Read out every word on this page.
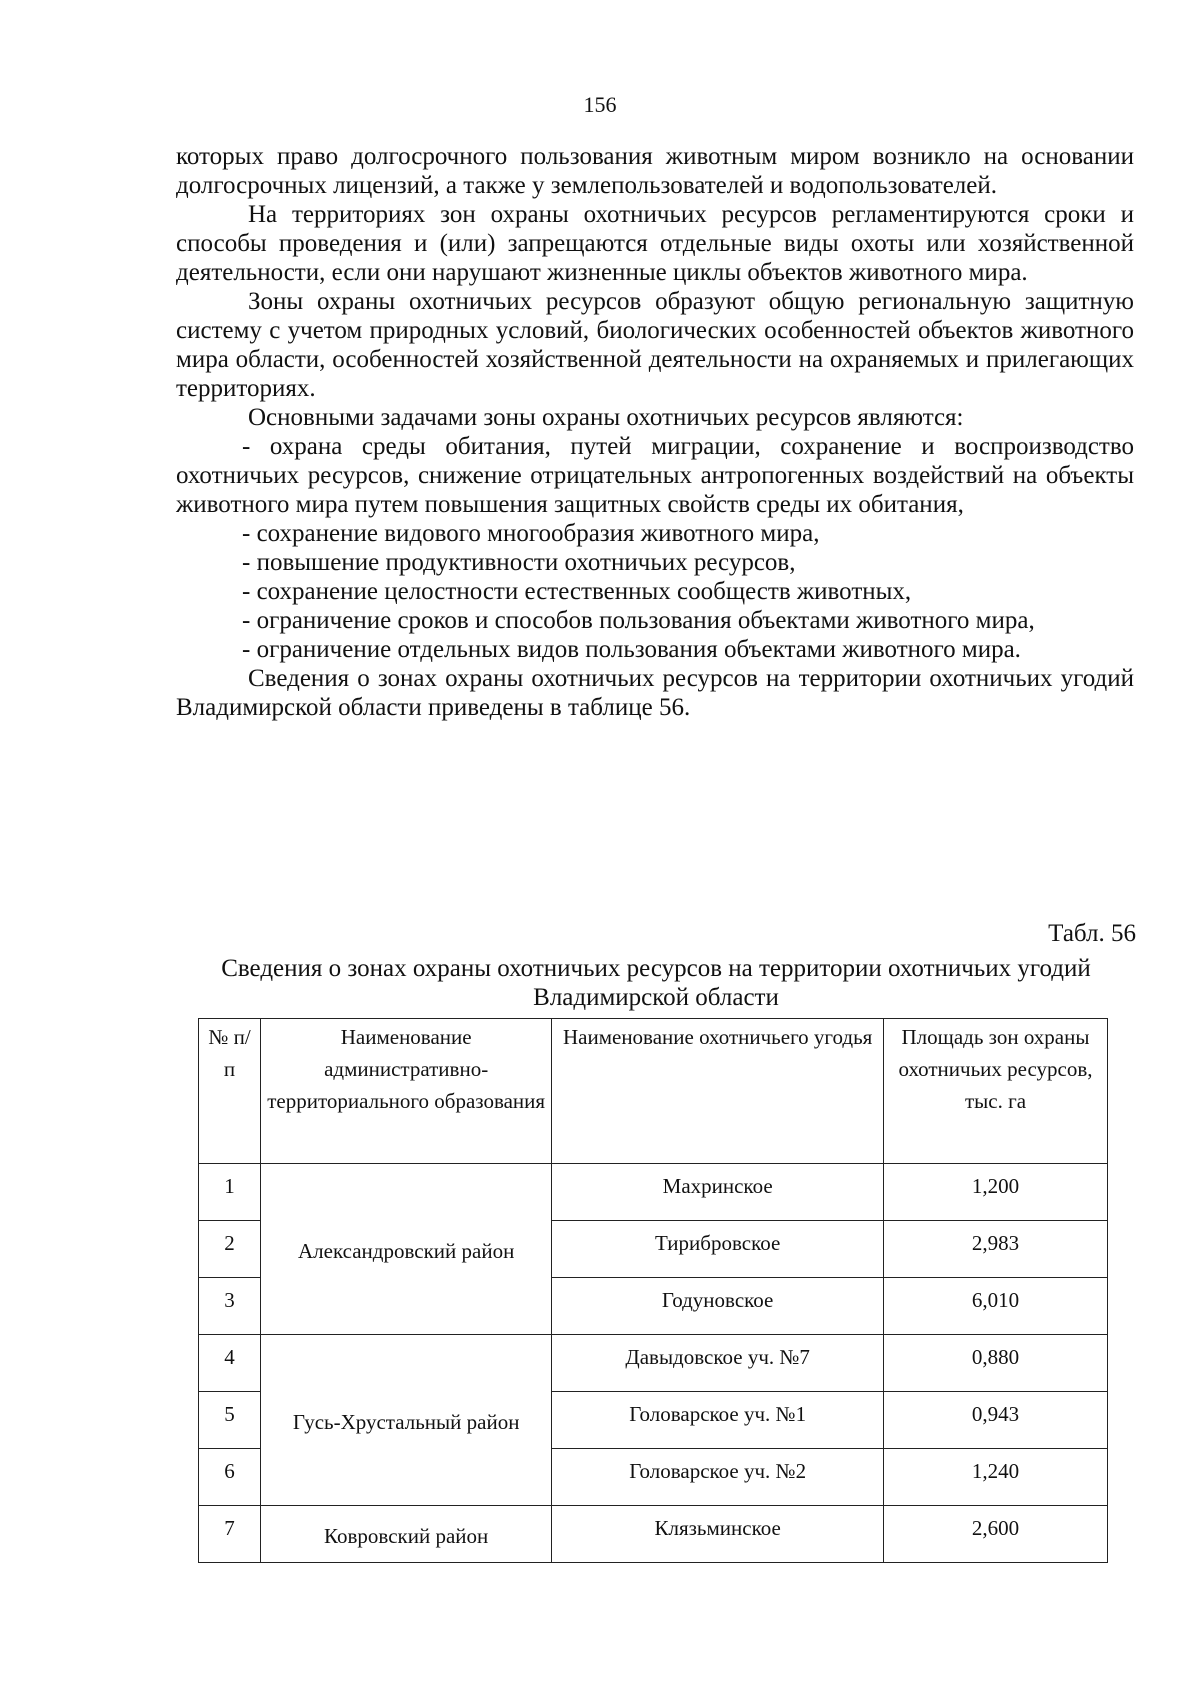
156

которых право долгосрочного пользования животным миром возникло на основании долгосрочных лицензий, а также у землепользователей и водопользователей.

На территориях зон охраны охотничьих ресурсов регламентируются сроки и способы проведения и (или) запрещаются отдельные виды охоты или хозяйственной деятельности, если они нарушают жизненные циклы объектов животного мира.

Зоны охраны охотничьих ресурсов образуют общую региональную защитную систему с учетом природных условий, биологических особенностей объектов животного мира области, особенностей хозяйственной деятельности на охраняемых и прилегающих территориях.

Основными задачами зоны охраны охотничьих ресурсов являются:

- охрана среды обитания, путей миграции, сохранение и воспроизводство охотничьих ресурсов, снижение отрицательных антропогенных воздействий на объекты животного мира путем повышения защитных свойств среды их обитания,
- сохранение видового многообразия животного мира,
- повышение продуктивности охотничьих ресурсов,
- сохранение целостности естественных сообществ животных,
- ограничение сроков и способов пользования объектами животного мира,
- ограничение отдельных видов пользования объектами животного мира.

Сведения о зонах охраны охотничьих ресурсов на территории охотничьих угодий Владимирской области приведены в таблице 56.

Табл. 56
Сведения о зонах охраны охотничьих ресурсов на территории охотничьих угодий Владимирской области
№ п/п	Наименование административно-территориального образования	Наименование охотничьего угодья	Площадь зон охраны охотничьих ресурсов, тыс. га
1	Александровский район	Махринское	1,200
2		Тирибровское	2,983
3		Годуновское	6,010
4	Гусь-Хрустальный район	Давыдовское уч. №7	0,880
5		Головарское уч. №1	0,943
6		Головарское уч. №2	1,240
7	Ковровский район	Клязьминское	2,600
